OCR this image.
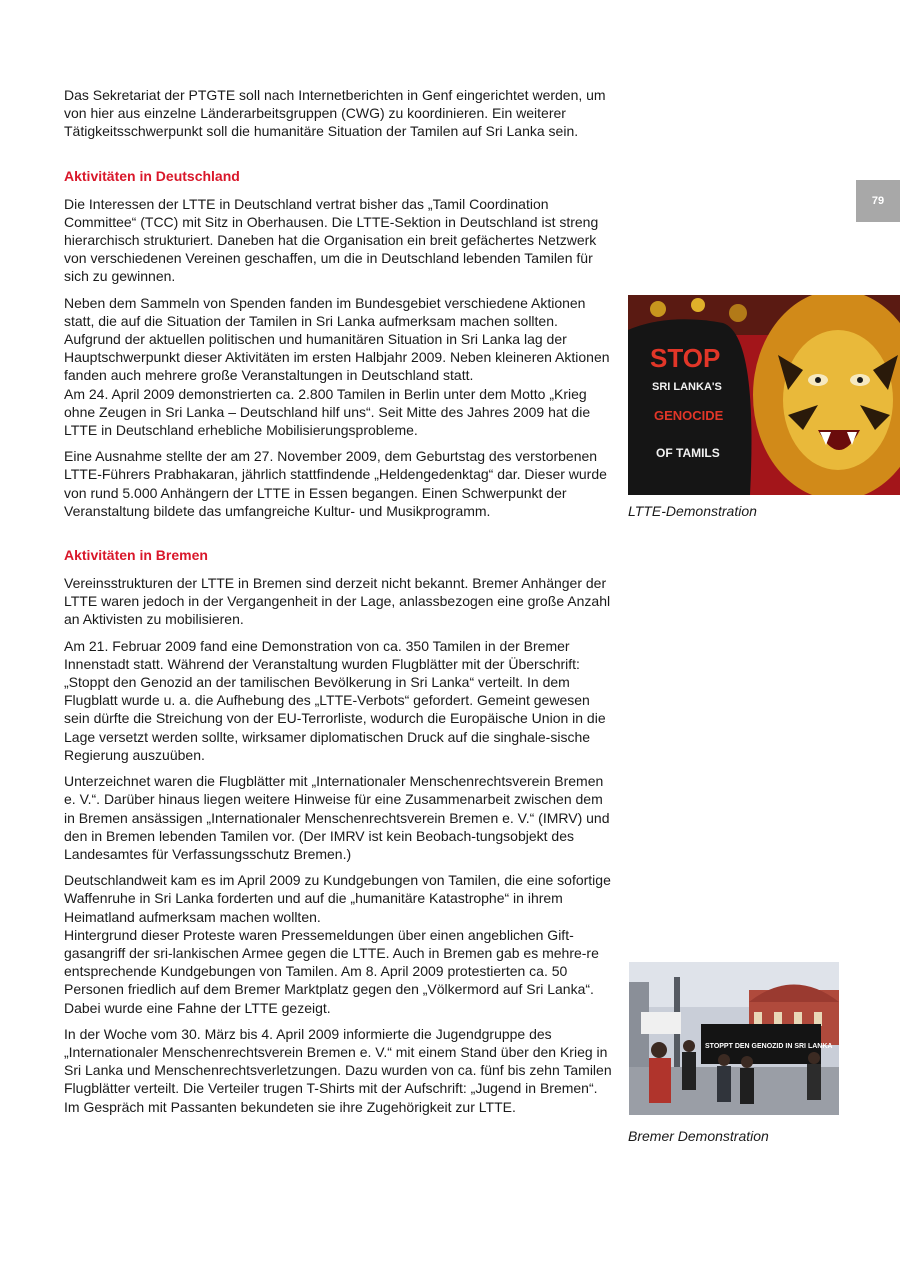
Das Sekretariat der PTGTE soll nach Internetberichten in Genf eingerichtet werden, um von hier aus einzelne Länderarbeitsgruppen (CWG) zu koordinieren. Ein weiterer Tätigkeitsschwerpunkt soll die humanitäre Situation der Tamilen auf Sri Lanka sein.

Aktivitäten in Deutschland

Die Interessen der LTTE in Deutschland vertrat bisher das „Tamil Coordination Committee“ (TCC) mit Sitz in Oberhausen. Die LTTE-Sektion in Deutschland ist streng hierarchisch strukturiert. Daneben hat die Organisation ein breit gefächertes Netzwerk von verschiedenen Vereinen geschaffen, um die in Deutschland lebenden Tamilen für sich zu gewinnen.

Neben dem Sammeln von Spenden fanden im Bundesgebiet verschiedene Aktionen statt, die auf die Situation der Tamilen in Sri Lanka aufmerksam machen sollten. Aufgrund der aktuellen politischen und humanitären Situation in Sri Lanka lag der Hauptschwerpunkt dieser Aktivitäten im ersten Halbjahr 2009. Neben kleineren Aktionen fanden auch mehrere große Veranstaltungen in Deutschland statt.

Am 24. April 2009 demonstrierten ca. 2.800 Tamilen in Berlin unter dem Motto „Krieg ohne Zeugen in Sri Lanka – Deutschland hilf uns“. Seit Mitte des Jahres 2009 hat die LTTE in Deutschland erhebliche Mobilisierungsprobleme.

Eine Ausnahme stellte der am 27. November 2009, dem Geburtstag des verstorbenen LTTE-Führers Prabhakaran, jährlich stattfindende „Heldengedenktag“ dar. Dieser wurde von rund 5.000 Anhängern der LTTE in Essen begangen. Einen Schwerpunkt der Veranstaltung bildete das umfangreiche Kultur- und Musikprogramm.

Aktivitäten in Bremen

Vereinsstrukturen der LTTE in Bremen sind derzeit nicht bekannt. Bremer Anhänger der LTTE waren jedoch in der Vergangenheit in der Lage, anlassbezogen eine große Anzahl an Aktivisten zu mobilisieren.

Am 21. Februar 2009 fand eine Demonstration von ca. 350 Tamilen in der Bremer Innenstadt statt. Während der Veranstaltung wurden Flugblätter mit der Überschrift: „Stoppt den Genozid an der tamilischen Bevölkerung in Sri Lanka“ verteilt. In dem Flugblatt wurde u. a. die Aufhebung des „LTTE-Verbots“ gefordert. Gemeint gewesen sein dürfte die Streichung von der EU-Terrorliste, wodurch die Europäische Union in die Lage versetzt werden sollte, wirksamer diplomatischen Druck auf die singhale-sische Regierung auszuüben.

Unterzeichnet waren die Flugblätter mit „Internationaler Menschenrechtsverein Bremen e. V.“. Darüber hinaus liegen weitere Hinweise für eine Zusammenarbeit zwischen dem in Bremen ansässigen „Internationaler Menschenrechtsverein Bremen e. V.“ (IMRV) und den in Bremen lebenden Tamilen vor. (Der IMRV ist kein Beobach-tungsobjekt des Landesamtes für Verfassungsschutz Bremen.)

Deutschlandweit kam es im April 2009 zu Kundgebungen von Tamilen, die eine sofortige Waffenruhe in Sri Lanka forderten und auf die „humanitäre Katastrophe“ in ihrem Heimatland aufmerksam machen wollten.

Hintergrund dieser Proteste waren Pressemeldungen über einen angeblichen Gift-gasangriff der sri-lankischen Armee gegen die LTTE. Auch in Bremen gab es mehre-re entsprechende Kundgebungen von Tamilen. Am 8. April 2009 protestierten ca. 50 Personen friedlich auf dem Bremer Marktplatz gegen den „Völkermord auf Sri Lanka“. Dabei wurde eine Fahne der LTTE gezeigt.

In der Woche vom 30. März bis 4. April 2009 informierte die Jugendgruppe des „Internationaler Menschenrechtsverein Bremen e. V.“ mit einem Stand über den Krieg in Sri Lanka und Menschenrechtsverletzungen. Dazu wurden von ca. fünf bis zehn Tamilen Flugblätter verteilt. Die Verteiler trugen T-Shirts mit der Aufschrift: „Jugend in Bremen“. Im Gespräch mit Passanten bekundeten sie ihre Zugehörigkeit zur LTTE.

79
STOP
SRI LANKA'S
GENOCIDE
OF TAMILS
LTTE-Demonstration
STOPPT DEN GENOZID IN SRI LANKA
Bremer Demonstration
